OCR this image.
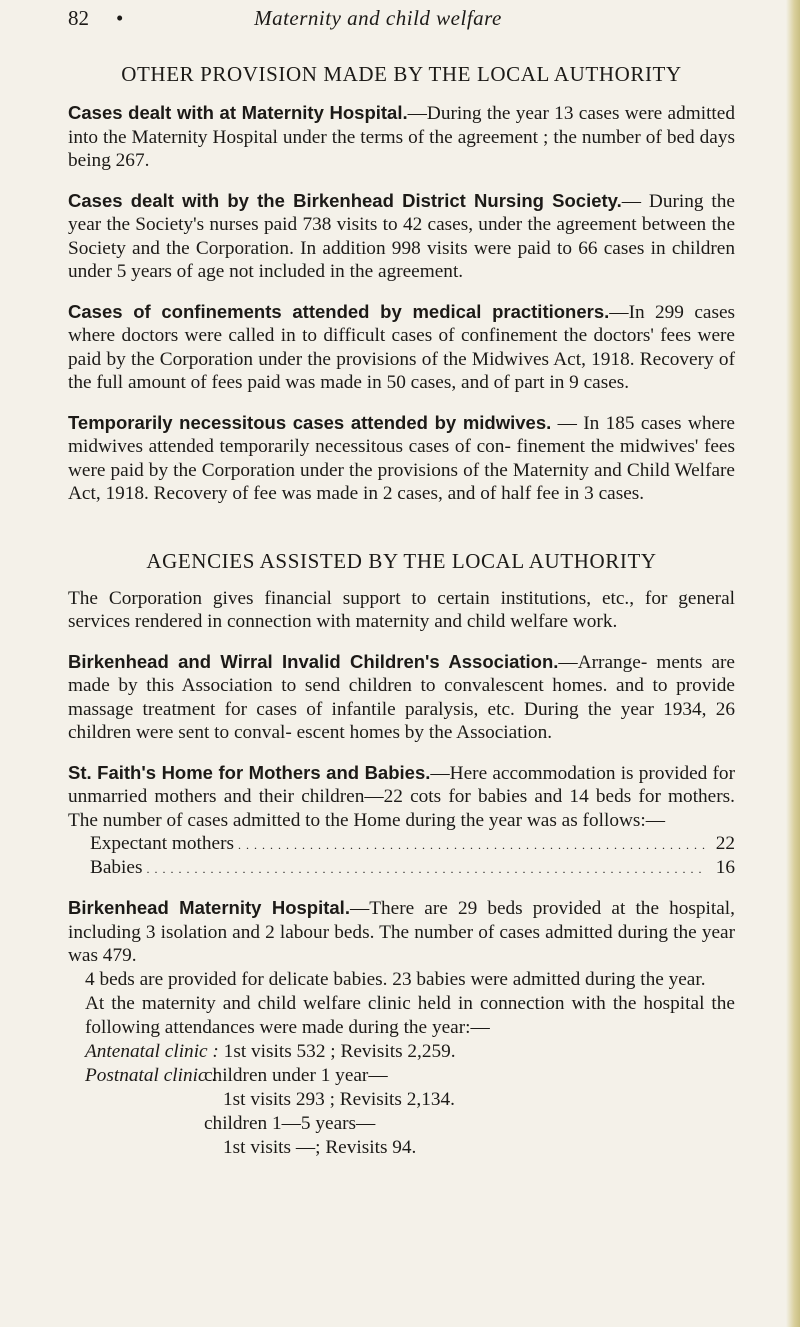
82 •	Maternity and child welfare
OTHER PROVISION MADE BY THE LOCAL AUTHORITY

Cases dealt with at Maternity Hospital.—During the year 13 cases were admitted into the Maternity Hospital under the terms of the agreement ; the number of bed days being 267.

Cases dealt with by the Birkenhead District Nursing Society.— During the year the Society's nurses paid 738 visits to 42 cases, under the agreement between the Society and the Corporation. In addition 998 visits were paid to 66 cases in children under 5 years of age not included in the agreement.

Cases of confinements attended by medical practitioners.—In 299 cases where doctors were called in to difficult cases of confinement the doctors' fees were paid by the Corporation under the provisions of the Midwives Act, 1918. Recovery of the full amount of fees paid was made in 50 cases, and of part in 9 cases.

Temporarily necessitous cases attended by midwives. — In 185 cases where midwives attended temporarily necessitous cases of con- finement the midwives' fees were paid by the Corporation under the provisions of the Maternity and Child Welfare Act, 1918. Recovery of fee was made in 2 cases, and of half fee in 3 cases.

AGENCIES ASSISTED BY THE LOCAL AUTHORITY

The Corporation gives financial support to certain institutions, etc., for general services rendered in connection with maternity and child welfare work.

Birkenhead and Wirral Invalid Children's Association.—Arrange- ments are made by this Association to send children to convalescent homes. and to provide massage treatment for cases of infantile paralysis, etc. During the year 1934, 26 children were sent to conval- escent homes by the Association.

St. Faith's Home for Mothers and Babies.—Here accommodation is provided for unmarried mothers and their children—22 cots for babies and 14 beds for mothers. The number of cases admitted to the Home during the year was as follows:—

Expectant mothers . . .	22
Babies . . .	16

Birkenhead Maternity Hospital.—There are 29 beds provided at the hospital, including 3 isolation and 2 labour beds. The number of cases admitted during the year was 479.

4 beds are provided for delicate babies. 23 babies were admitted during the year.

At the maternity and child welfare clinic held in connection with the hospital the following attendances were made during the year:—

Antenatal clinic : 1st visits 532 ; Revisits 2,259.

Postnatal clinic :
children under 1 year—
1st visits 293 ; Revisits 2,134.
children 1—5 years—
1st visits —; Revisits 94.
